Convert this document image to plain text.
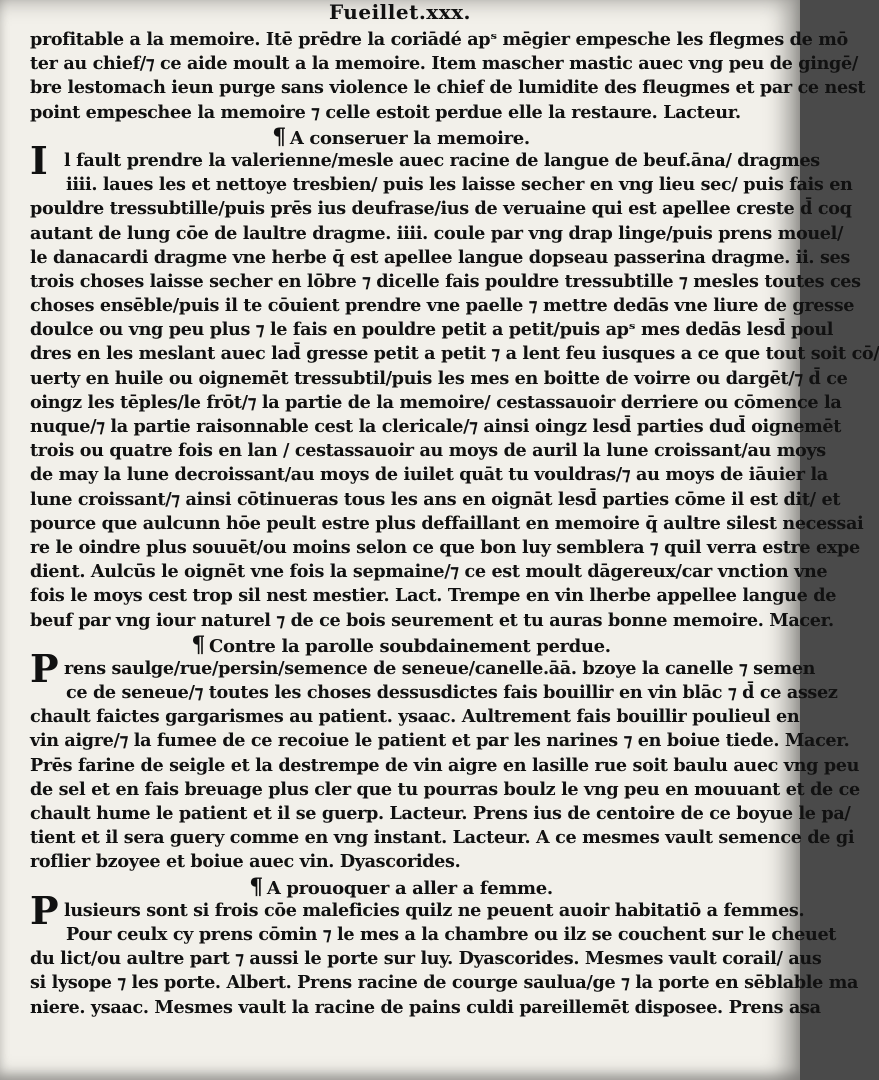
Fueillet.xxx.
profitable a la memoire. Itē prēdre la coriādé apˢ mēgier empesche les flegmes de mō
ter au chief/⁊ ce aide moult a la memoire. Item mascher mastic auec vng peu de gingē/
bre lestomach ieun purge sans violence le chief de lumidite des fleugmes et par ce nest
point empeschee la memoire ⁊ celle estoit perdue elle la restaure. Lacteur.
¶ A conseruer la memoire.
Il fault prendre la valerienne/mesle auec racine de langue de beuf.āna/ dragmes
iiii. laues les et nettoye tresbien/ puis les laisse secher en vng lieu sec/ puis fais en
pouldre tressubtille/puis prēs ius deufrase/ius de veruaine qui est apellee creste d̄ coq
autant de lung cōe de laultre dragme. iiii. coule par vng drap linge/puis prens mouel/
le danacardi dragme vne herbe q̄ est apellee langue dopseau passerina dragme. ii. ses
trois choses laisse secher en lōbre ⁊ dicelle fais pouldre tressubtille ⁊ mesles toutes ces
choses ensēble/puis il te cōuient prendre vne paelle ⁊ mettre dedās vne liure de gresse
doulce ou vng peu plus ⁊ le fais en pouldre petit a petit/puis apˢ mes dedās lesd̄ poul
dres en les meslant auec lad̄ gresse petit a petit ⁊ a lent feu iusques a ce que tout soit cō/
uerty en huile ou oignemēt tressubtil/puis les mes en boitte de voirre ou dargēt/⁊ d̄ ce
oingz les tēples/le frōt/⁊ la partie de la memoire/ cestassauoir derriere ou cōmence la
nuque/⁊ la partie raisonnable cest la clericale/⁊ ainsi oingz lesd̄ parties dud̄ oignemēt
trois ou quatre fois en lan / cestassauoir au moys de auril la lune croissant/au moys
de may la lune decroissant/au moys de iuilet quāt tu vouldras/⁊ au moys de iāuier la
lune croissant/⁊ ainsi cōtinueras tous les ans en oignāt lesd̄ parties cōme il est dit/ et
pource que aulcunn hōe peult estre plus deffaillant en memoire q̄ aultre silest necessai
re le oindre plus souuēt/ou moins selon ce que bon luy semblera ⁊ quil verra estre expe
dient. Aulcūs le oignēt vne fois la sepmaine/⁊ ce est moult dāgereux/car vnction vne
fois le moys cest trop sil nest mestier. Lact. Trempe en vin lherbe appellee langue de
beuf par vng iour naturel ⁊ de ce bois seurement et tu auras bonne memoire. Macer.
¶ Contre la parolle soubdainement perdue.
Prens saulge/rue/persin/semence de seneue/canelle.āā. bzoye la canelle ⁊ semen
ce de seneue/⁊ toutes les choses dessusdictes fais bouillir en vin blāc ⁊ d̄ ce assez
chault faictes gargarismes au patient. ysaac. Aultrement fais bouillir poulieul en
vin aigre/⁊ la fumee de ce recoiue le patient et par les narines ⁊ en boiue tiede. Macer.
Prēs farine de seigle et la destrempe de vin aigre en lasille rue soit baulu auec vng peu
de sel et en fais breuage plus cler que tu pourras boulz le vng peu en mouuant et de ce
chault hume le patient et il se guerp. Lacteur. Prens ius de centoire de ce boyue le pa/
tient et il sera guery comme en vng instant. Lacteur. A ce mesmes vault semence de gi
roflier bzoyee et boiue auec vin. Dyascorides.
¶ A prouoquer a aller a femme.
Plusieurs sont si frois cōe maleficies quilz ne peuent auoir habitatiō a femmes.
Pour ceulx cy prens cōmin ⁊ le mes a la chambre ou ilz se couchent sur le cheuet
du lict/ou aultre part ⁊ aussi le porte sur luy. Dyascorides. Mesmes vault corail/ aus
si lysope ⁊ les porte. Albert. Prens racine de courge saulua/ge ⁊ la porte en sēblable ma
niere. ysaac. Mesmes vault la racine de pains culdi pareillemēt disposee. Prens asa
